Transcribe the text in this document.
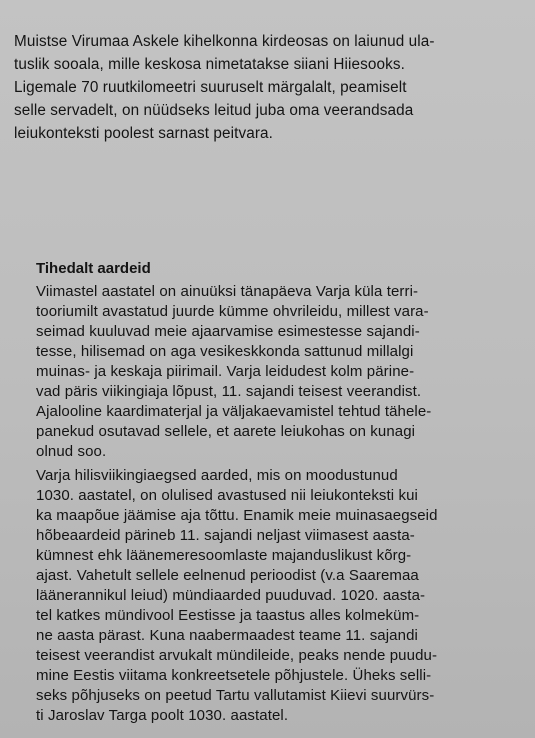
Muistse Virumaa Askele kihelkonna kirdeosas on laiunud ula-
tuslik sooala, mille keskosa nimetatakse siiani Hiiesooks.
Ligemale 70 ruutkilomeetri suuruselt märgalalt, peamiselt
selle servadelt, on nüüdseks leitud juba oma veerandsada
leiukonteksti poolest sarnast peitvara.
Tihedalt aardeid
Viimastel aastatel on ainuüksi tänapäeva Varja küla terri-
tooriumilt avastatud juurde kümme ohvrileidu, millest vara-
seimad kuuluvad meie ajaarvamise esimestesse sajandi-
tesse, hilisemad on aga vesikeskkonda sattunud millalgi
muinas- ja keskaja piirimail. Varja leidudest kolm pärine-
vad päris viikingiaja lõpust, 11. sajandi teisest veerandist.
Ajalooline kaardimaterjal ja väljakaevamistel tehtud tähele-
panekud osutavad sellele, et aarete leiukohas on kunagi
olnud soo.
Varja hilisviikingiaegsed aarded, mis on moodustunud
1030. aastatel, on olulised avastused nii leiukonteksti kui
ka maapõue jäämise aja tõttu. Enamik meie muinasaegseid
hõbeaardeid pärineb 11. sajandi neljast viimasest aasta-
kümnest ehk läänemeresoomlaste majanduslikust kõrg-
ajast. Vahetult sellele eelnenud perioodist (v.a Saaremaa
läänerannikul leiud) mündiaarded puuduvad. 1020. aasta-
tel katkes mündivool Eestisse ja taastus alles kolmeküm-
ne aasta pärast. Kuna naabermaadest teame 11. sajandi
teisest veerandist arvukalt mündileide, peaks nende puudu-
mine Eestis viitama konkreetsetele põhjustele. Üheks selli-
seks põhjuseks on peetud Tartu vallutamist Kiievi suurvürs-
ti Jaroslav Targa poolt 1030. aastatel.
